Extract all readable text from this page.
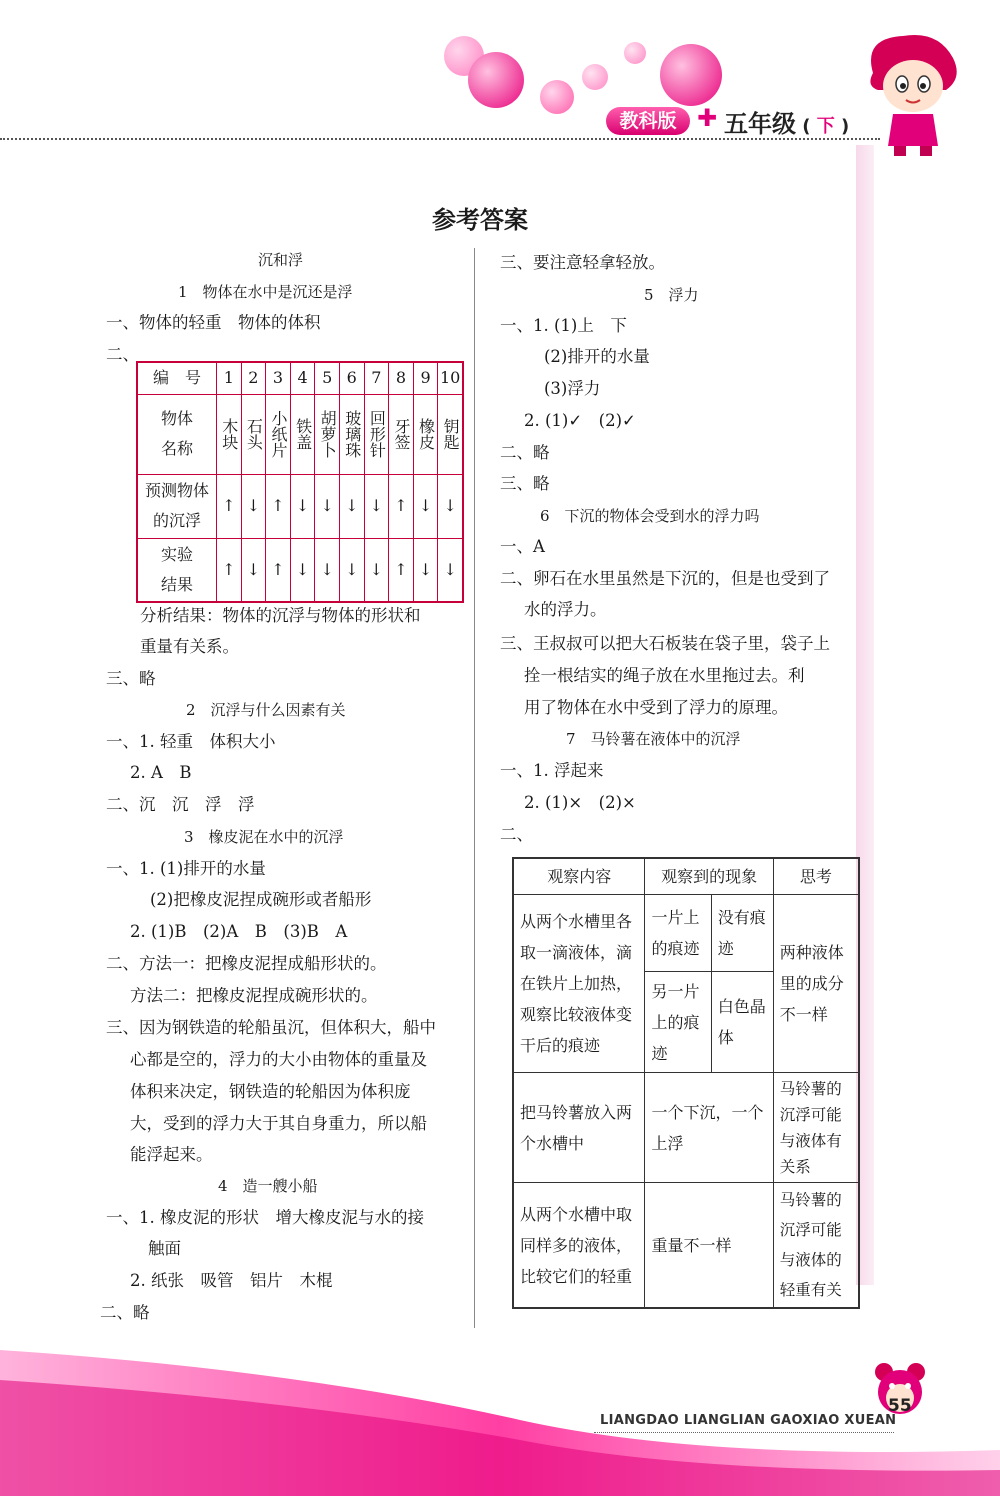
教科版 ✚ 五年级 ( 下 )
参考答案
沉和浮
1　物体在水中是沉还是浮
一、物体的轻重　物体的体积
二、
分析结果：物体的沉浮与物体的形状和
重量有关系。
三、略
2　沉浮与什么因素有关
一、1. 轻重　体积大小
2. A　B
二、沉　沉　浮　浮
3　橡皮泥在水中的沉浮
一、1. (1)排开的水量
(2)把橡皮泥捏成碗形或者船形
2. (1)B　(2)A　B　(3)B　A
二、方法一：把橡皮泥捏成船形状的。
方法二：把橡皮泥捏成碗形状的。
三、因为钢铁造的轮船虽沉，但体积大，船中
心都是空的，浮力的大小由物体的重量及
体积来决定，钢铁造的轮船因为体积庞
大，受到的浮力大于其自身重力，所以船
能浮起来。
4　造一艘小船
一、1. 橡皮泥的形状　增大橡皮泥与水的接
触面
2. 纸张　吸管　铝片　木棍
二、略
三、要注意轻拿轻放。
5　浮力
一、1. (1)上　下
(2)排开的水量
(3)浮力
2. (1)✓　(2)✓
二、略
三、略
6　下沉的物体会受到水的浮力吗
一、A
二、卵石在水里虽然是下沉的，但是也受到了
水的浮力。
三、王叔叔可以把大石板装在袋子里，袋子上
拴一根结实的绳子放在水里拖过去。利
用了物体在水中受到了浮力的原理。
7　马铃薯在液体中的沉浮
一、1. 浮起来
2. (1)×　(2)×
二、
编　号	1	2	3	4	5	6	7	8	9	10

物体名称	木块	石头	小纸片	铁盖	胡萝卜	玻璃珠	回形针	牙签	橡皮	钥匙

预测物体的沉浮	↑	↓	↑	↓	↓	↓	↓	↑	↓	↓

实验结果	↑	↓	↑	↓	↓	↓	↓	↑	↓	↓
观察内容	观察到的现象		思考
从两个水槽里各取一滴液体，滴在铁片上加热，观察比较液体变干后的痕迹	一片上的痕迹	没有痕迹	两种液体里的成分不一样
	另一片上的痕迹	白色晶体	
把马铃薯放入两个水槽中	一个下沉，一个上浮		马铃薯的沉浮可能与液体有关系
从两个水槽中取同样多的液体，比较它们的轻重	重量不一样		马铃薯的沉浮可能与液体的轻重有关
LIANGDAO LIANGLIAN GAOXIAO XUEAN
55
